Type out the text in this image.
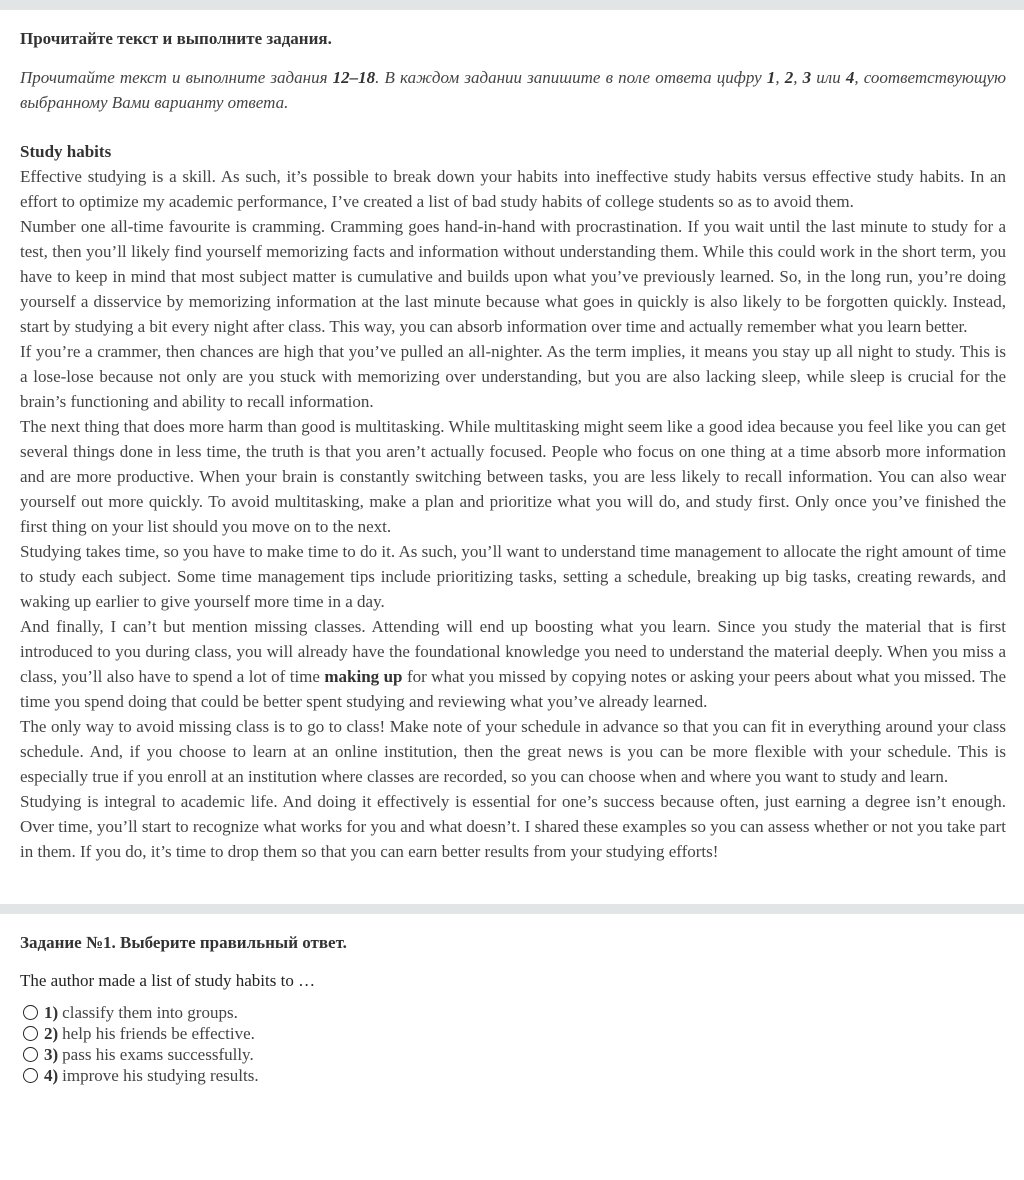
Прочитайте текст и выполните задания.
Прочитайте текст и выполните задания 12–18. В каждом задании запишите в поле ответа цифру 1, 2, 3 или 4, соответствующую выбранному Вами варианту ответа.
Study habits

Effective studying is a skill. As such, it’s possible to break down your habits into ineffective study habits versus effective study habits. In an effort to optimize my academic performance, I’ve created a list of bad study habits of college students so as to avoid them.

Number one all-time favourite is cramming. Cramming goes hand-in-hand with procrastination. If you wait until the last minute to study for a test, then you’ll likely find yourself memorizing facts and information without understanding them. While this could work in the short term, you have to keep in mind that most subject matter is cumulative and builds upon what you’ve previously learned. So, in the long run, you’re doing yourself a disservice by memorizing information at the last minute because what goes in quickly is also likely to be forgotten quickly. Instead, start by studying a bit every night after class. This way, you can absorb information over time and actually remember what you learn better.

If you’re a crammer, then chances are high that you’ve pulled an all-nighter. As the term implies, it means you stay up all night to study. This is a lose-lose because not only are you stuck with memorizing over understanding, but you are also lacking sleep, while sleep is crucial for the brain’s functioning and ability to recall information.

The next thing that does more harm than good is multitasking. While multitasking might seem like a good idea because you feel like you can get several things done in less time, the truth is that you aren’t actually focused. People who focus on one thing at a time absorb more information and are more productive. When your brain is constantly switching between tasks, you are less likely to recall information. You can also wear yourself out more quickly. To avoid multitasking, make a plan and prioritize what you will do, and study first. Only once you’ve finished the first thing on your list should you move on to the next.

Studying takes time, so you have to make time to do it. As such, you’ll want to understand time management to allocate the right amount of time to study each subject. Some time management tips include prioritizing tasks, setting a schedule, breaking up big tasks, creating rewards, and waking up earlier to give yourself more time in a day.

And finally, I can’t but mention missing classes. Attending will end up boosting what you learn. Since you study the material that is first introduced to you during class, you will already have the foundational knowledge you need to understand the material deeply. When you miss a class, you’ll also have to spend a lot of time making up for what you missed by copying notes or asking your peers about what you missed. The time you spend doing that could be better spent studying and reviewing what you’ve already learned.

The only way to avoid missing class is to go to class! Make note of your schedule in advance so that you can fit in everything around your class schedule. And, if you choose to learn at an online institution, then the great news is you can be more flexible with your schedule. This is especially true if you enroll at an institution where classes are recorded, so you can choose when and where you want to study and learn.

Studying is integral to academic life. And doing it effectively is essential for one’s success because often, just earning a degree isn’t enough. Over time, you’ll start to recognize what works for you and what doesn’t. I shared these examples so you can assess whether or not you take part in them. If you do, it’s time to drop them so that you can earn better results from your studying efforts!

Задание №1. Выберите правильный ответ.
The author made a list of study habits to …
1) classify them into groups.
2) help his friends be effective.
3) pass his exams successfully.
4) improve his studying results.
